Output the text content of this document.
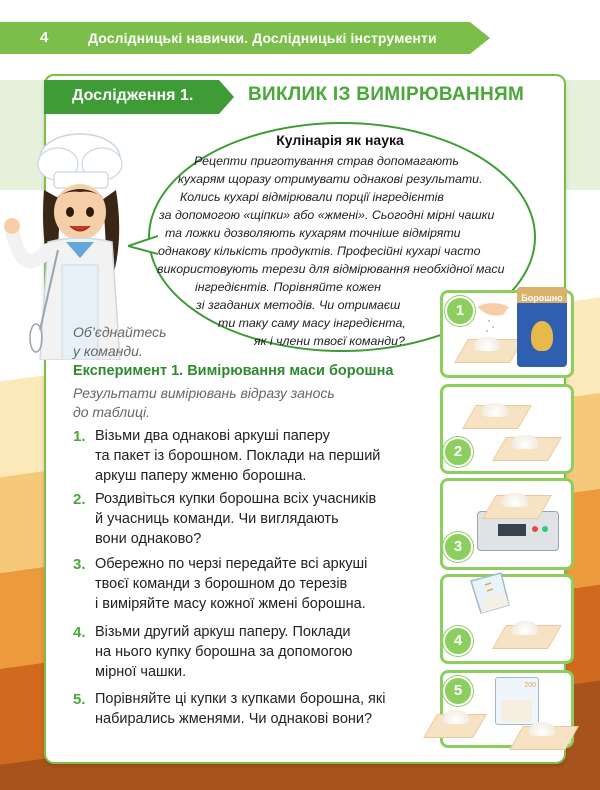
4	Дослідницькі навички. Дослідницькі інструменти
Дослідження 1.	ВИКЛИК ІЗ ВИМІРЮВАННЯМ
Кулінарія як наука
Рецепти приготування страв допомагають
кухарям щоразу отримувати однакові результати.
Колись кухарі відмірювали порції інгредієнтів
за допомогою «щіпки» або «жмені». Сьогодні мірні чашки
та ложки дозволяють кухарям точніше відміряти
однакову кількість продуктів. Професійні кухарі часто
використовують терези для відмірювання необхідної маси
інгредієнтів. Порівняйте кожен
зі згаданих методів. Чи отримаєш
ти таку саму масу інгредієнта,
як і члени твоєї команди?
Об’єднайтесь
у команди.
Експеримент 1. Вимірювання маси борошна
Результати вимірювань відразу занось
до таблиці.
1. Візьми два однакові аркуші паперу
та пакет із борошном. Поклади на перший
аркуш паперу жменю борошна.
2. Роздивіться купки борошна всіх учасників
й учасниць команди. Чи виглядають
вони однаково?
3. Обережно по черзі передайте всі аркуші
твоєї команди з борошном до терезів
і виміряйте масу кожної жмені борошна.
4. Візьми другий аркуш паперу. Поклади
на нього купку борошна за допомогою
мірної чашки.
5. Порівняйте ці купки з купками борошна, які
набирались жменями. Чи однакові вони?
Борошно
1
2
3
4
200
5
